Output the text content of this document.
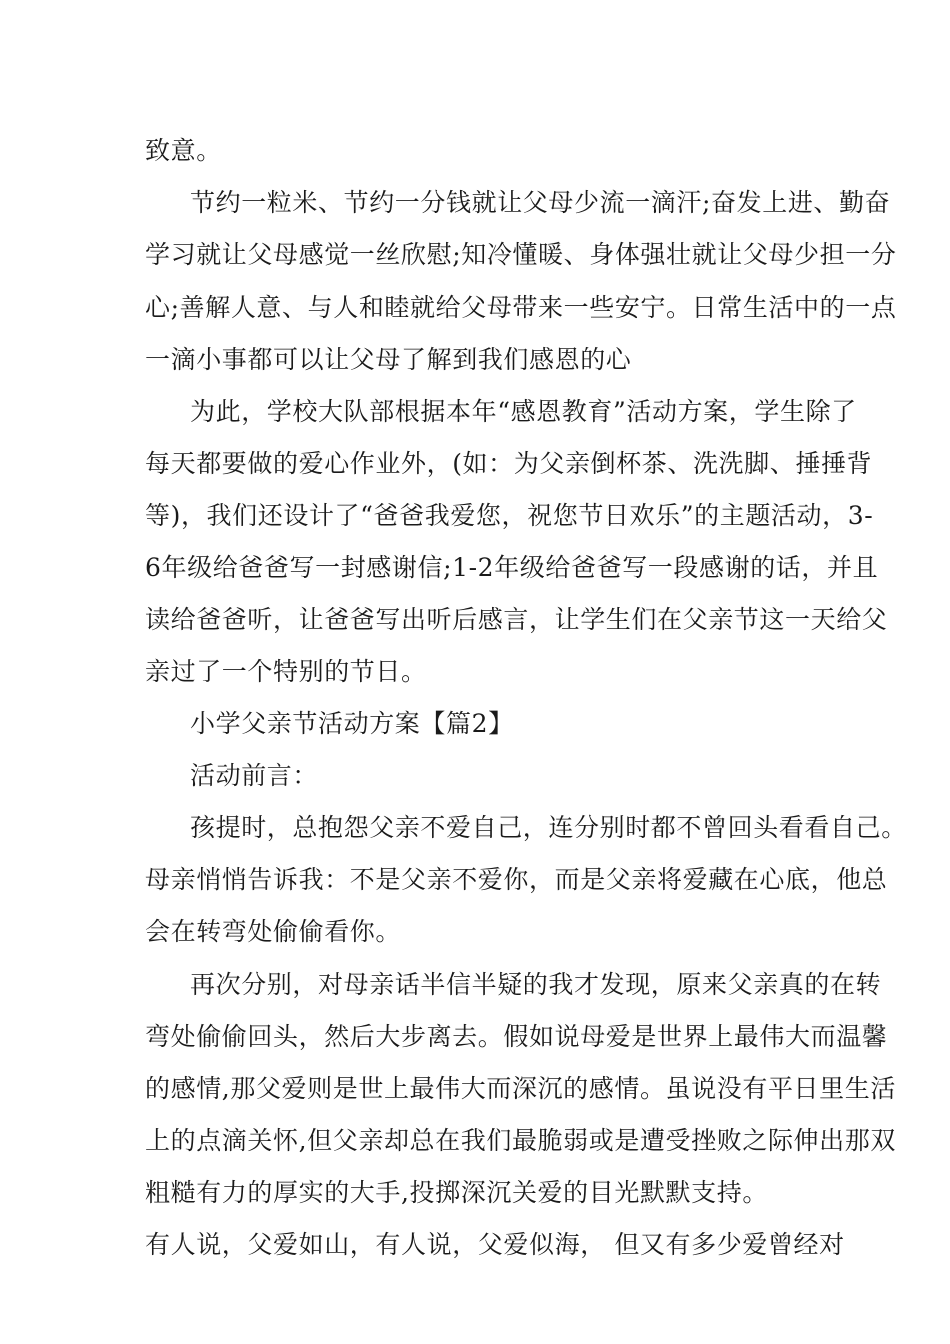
致意。

节约一粒米、节约一分钱就让父母少流一滴汗;奋发上进、勤奋

学习就让父母感觉一丝欣慰;知冷懂暖、身体强壮就让父母少担一分

心;善解人意、与人和睦就给父母带来一些安宁。日常生活中的一点

一滴小事都可以让父母了解到我们感恩的心

为此，学校大队部根据本年“感恩教育”活动方案，学生除了

每天都要做的爱心作业外，(如：为父亲倒杯茶、洗洗脚、捶捶背

等)，我们还设计了“爸爸我爱您，祝您节日欢乐”的主题活动，3-

6年级给爸爸写一封感谢信;1-2年级给爸爸写一段感谢的话，并且

读给爸爸听，让爸爸写出听后感言，让学生们在父亲节这一天给父

亲过了一个特别的节日。

小学父亲节活动方案【篇2】

活动前言：

孩提时，总抱怨父亲不爱自己，连分别时都不曾回头看看自己。

母亲悄悄告诉我：不是父亲不爱你，而是父亲将爱藏在心底，他总

会在转弯处偷偷看你。

再次分别，对母亲话半信半疑的我才发现，原来父亲真的在转

弯处偷偷回头，然后大步离去。假如说母爱是世界上最伟大而温馨

的感情,那父爱则是世上最伟大而深沉的感情。虽说没有平日里生活

上的点滴关怀,但父亲却总在我们最脆弱或是遭受挫败之际伸出那双

粗糙有力的厚实的大手,投掷深沉关爱的目光默默支持。

有人说，父爱如山，有人说，父爱似海， 但又有多少爱曾经对
